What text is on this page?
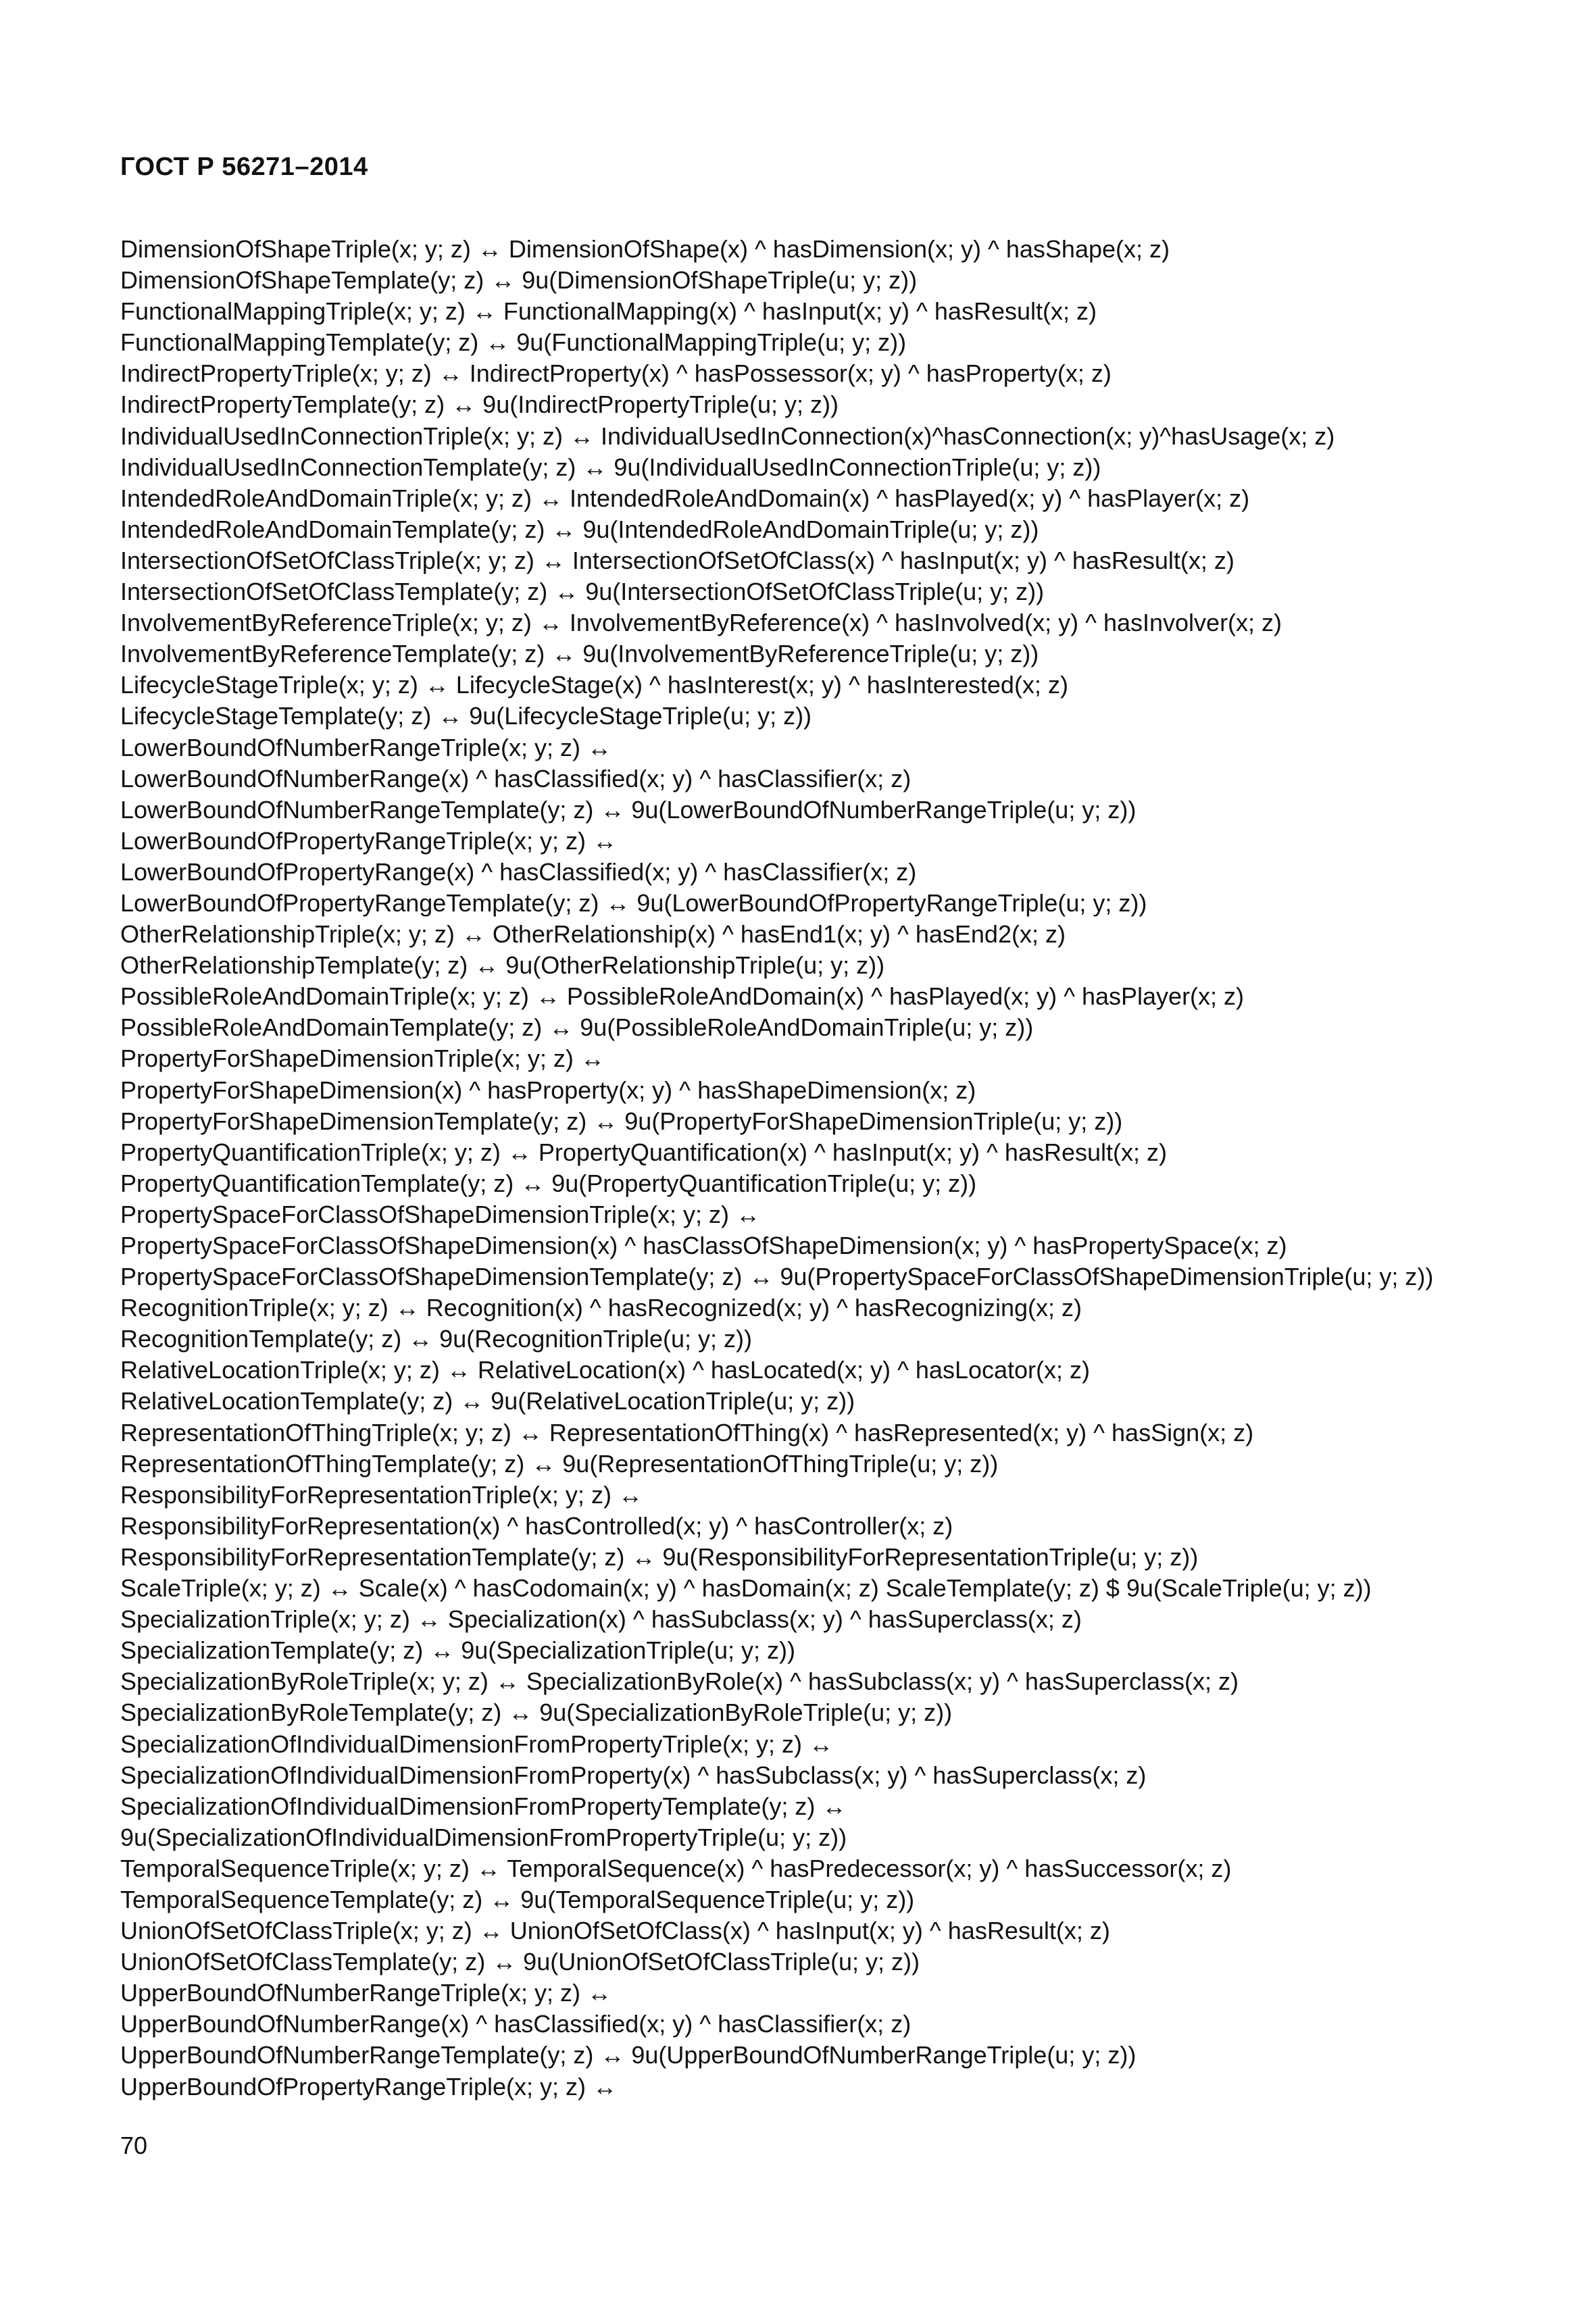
ГОСТ Р 56271–2014
DimensionOfShapeTriple(x; y; z) ↔ DimensionOfShape(x) ^ hasDimension(x; y) ^ hasShape(x; z)
DimensionOfShapeTemplate(y; z) ↔ 9u(DimensionOfShapeTriple(u; y; z))
FunctionalMappingTriple(x; y; z) ↔ FunctionalMapping(x) ^ hasInput(x; y) ^ hasResult(x; z)
FunctionalMappingTemplate(y; z) ↔ 9u(FunctionalMappingTriple(u; y; z))
IndirectPropertyTriple(x; y; z) ↔ IndirectProperty(x) ^ hasPossessor(x; y) ^ hasProperty(x; z)
IndirectPropertyTemplate(y; z) ↔ 9u(IndirectPropertyTriple(u; y; z))
IndividualUsedInConnectionTriple(x; y; z) ↔ IndividualUsedInConnection(x)^hasConnection(x; y)^hasUsage(x; z)
IndividualUsedInConnectionTemplate(y; z) ↔ 9u(IndividualUsedInConnectionTriple(u; y; z))
IntendedRoleAndDomainTriple(x; y; z) ↔ IntendedRoleAndDomain(x) ^ hasPlayed(x; y) ^ hasPlayer(x; z)
IntendedRoleAndDomainTemplate(y; z) ↔ 9u(IntendedRoleAndDomainTriple(u; y; z))
IntersectionOfSetOfClassTriple(x; y; z) ↔ IntersectionOfSetOfClass(x) ^ hasInput(x; y) ^ hasResult(x; z)
IntersectionOfSetOfClassTemplate(y; z) ↔ 9u(IntersectionOfSetOfClassTriple(u; y; z))
InvolvementByReferenceTriple(x; y; z) ↔ InvolvementByReference(x) ^ hasInvolved(x; y) ^ hasInvolver(x; z)
InvolvementByReferenceTemplate(y; z) ↔ 9u(InvolvementByReferenceTriple(u; y; z))
LifecycleStageTriple(x; y; z) ↔ LifecycleStage(x) ^ hasInterest(x; y) ^ hasInterested(x; z)
LifecycleStageTemplate(y; z) ↔ 9u(LifecycleStageTriple(u; y; z))
LowerBoundOfNumberRangeTriple(x; y; z) ↔
LowerBoundOfNumberRange(x) ^ hasClassified(x; y) ^ hasClassifier(x; z)
LowerBoundOfNumberRangeTemplate(y; z) ↔ 9u(LowerBoundOfNumberRangeTriple(u; y; z))
LowerBoundOfPropertyRangeTriple(x; y; z) ↔
LowerBoundOfPropertyRange(x) ^ hasClassified(x; y) ^ hasClassifier(x; z)
LowerBoundOfPropertyRangeTemplate(y; z) ↔ 9u(LowerBoundOfPropertyRangeTriple(u; y; z))
OtherRelationshipTriple(x; y; z) ↔ OtherRelationship(x) ^ hasEnd1(x; y) ^ hasEnd2(x; z)
OtherRelationshipTemplate(y; z) ↔ 9u(OtherRelationshipTriple(u; y; z))
PossibleRoleAndDomainTriple(x; y; z) ↔ PossibleRoleAndDomain(x) ^ hasPlayed(x; y) ^ hasPlayer(x; z)
PossibleRoleAndDomainTemplate(y; z) ↔ 9u(PossibleRoleAndDomainTriple(u; y; z))
PropertyForShapeDimensionTriple(x; y; z) ↔
PropertyForShapeDimension(x) ^ hasProperty(x; y) ^ hasShapeDimension(x; z)
PropertyForShapeDimensionTemplate(y; z) ↔ 9u(PropertyForShapeDimensionTriple(u; y; z))
PropertyQuantificationTriple(x; y; z) ↔ PropertyQuantification(x) ^ hasInput(x; y) ^ hasResult(x; z)
PropertyQuantificationTemplate(y; z) ↔ 9u(PropertyQuantificationTriple(u; y; z))
PropertySpaceForClassOfShapeDimensionTriple(x; y; z) ↔
PropertySpaceForClassOfShapeDimension(x) ^ hasClassOfShapeDimension(x; y) ^ hasPropertySpace(x; z)
PropertySpaceForClassOfShapeDimensionTemplate(y; z) ↔ 9u(PropertySpaceForClassOfShapeDimensionTriple(u; y; z))
RecognitionTriple(x; y; z) ↔ Recognition(x) ^ hasRecognized(x; y) ^ hasRecognizing(x; z)
RecognitionTemplate(y; z) ↔ 9u(RecognitionTriple(u; y; z))
RelativeLocationTriple(x; y; z) ↔ RelativeLocation(x) ^ hasLocated(x; y) ^ hasLocator(x; z)
RelativeLocationTemplate(y; z) ↔ 9u(RelativeLocationTriple(u; y; z))
RepresentationOfThingTriple(x; y; z) ↔ RepresentationOfThing(x) ^ hasRepresented(x; y) ^ hasSign(x; z)
RepresentationOfThingTemplate(y; z) ↔ 9u(RepresentationOfThingTriple(u; y; z))
ResponsibilityForRepresentationTriple(x; y; z) ↔
ResponsibilityForRepresentation(x) ^ hasControlled(x; y) ^ hasController(x; z)
ResponsibilityForRepresentationTemplate(y; z) ↔ 9u(ResponsibilityForRepresentationTriple(u; y; z))
ScaleTriple(x; y; z) ↔ Scale(x) ^ hasCodomain(x; y) ^ hasDomain(x; z) ScaleTemplate(y; z) $ 9u(ScaleTriple(u; y; z))
SpecializationTriple(x; y; z) ↔ Specialization(x) ^ hasSubclass(x; y) ^ hasSuperclass(x; z)
SpecializationTemplate(y; z) ↔ 9u(SpecializationTriple(u; y; z))
SpecializationByRoleTriple(x; y; z) ↔ SpecializationByRole(x) ^ hasSubclass(x; y) ^ hasSuperclass(x; z)
SpecializationByRoleTemplate(y; z) ↔ 9u(SpecializationByRoleTriple(u; y; z))
SpecializationOfIndividualDimensionFromPropertyTriple(x; y; z) ↔
SpecializationOfIndividualDimensionFromProperty(x) ^ hasSubclass(x; y) ^ hasSuperclass(x; z)
SpecializationOfIndividualDimensionFromPropertyTemplate(y; z) ↔
9u(SpecializationOfIndividualDimensionFromPropertyTriple(u; y; z))
TemporalSequenceTriple(x; y; z) ↔ TemporalSequence(x) ^ hasPredecessor(x; y) ^ hasSuccessor(x; z)
TemporalSequenceTemplate(y; z) ↔ 9u(TemporalSequenceTriple(u; y; z))
UnionOfSetOfClassTriple(x; y; z) ↔ UnionOfSetOfClass(x) ^ hasInput(x; y) ^ hasResult(x; z)
UnionOfSetOfClassTemplate(y; z) ↔ 9u(UnionOfSetOfClassTriple(u; y; z))
UpperBoundOfNumberRangeTriple(x; y; z) ↔
UpperBoundOfNumberRange(x) ^ hasClassified(x; y) ^ hasClassifier(x; z)
UpperBoundOfNumberRangeTemplate(y; z) ↔ 9u(UpperBoundOfNumberRangeTriple(u; y; z))
UpperBoundOfPropertyRangeTriple(x; y; z) ↔
70
